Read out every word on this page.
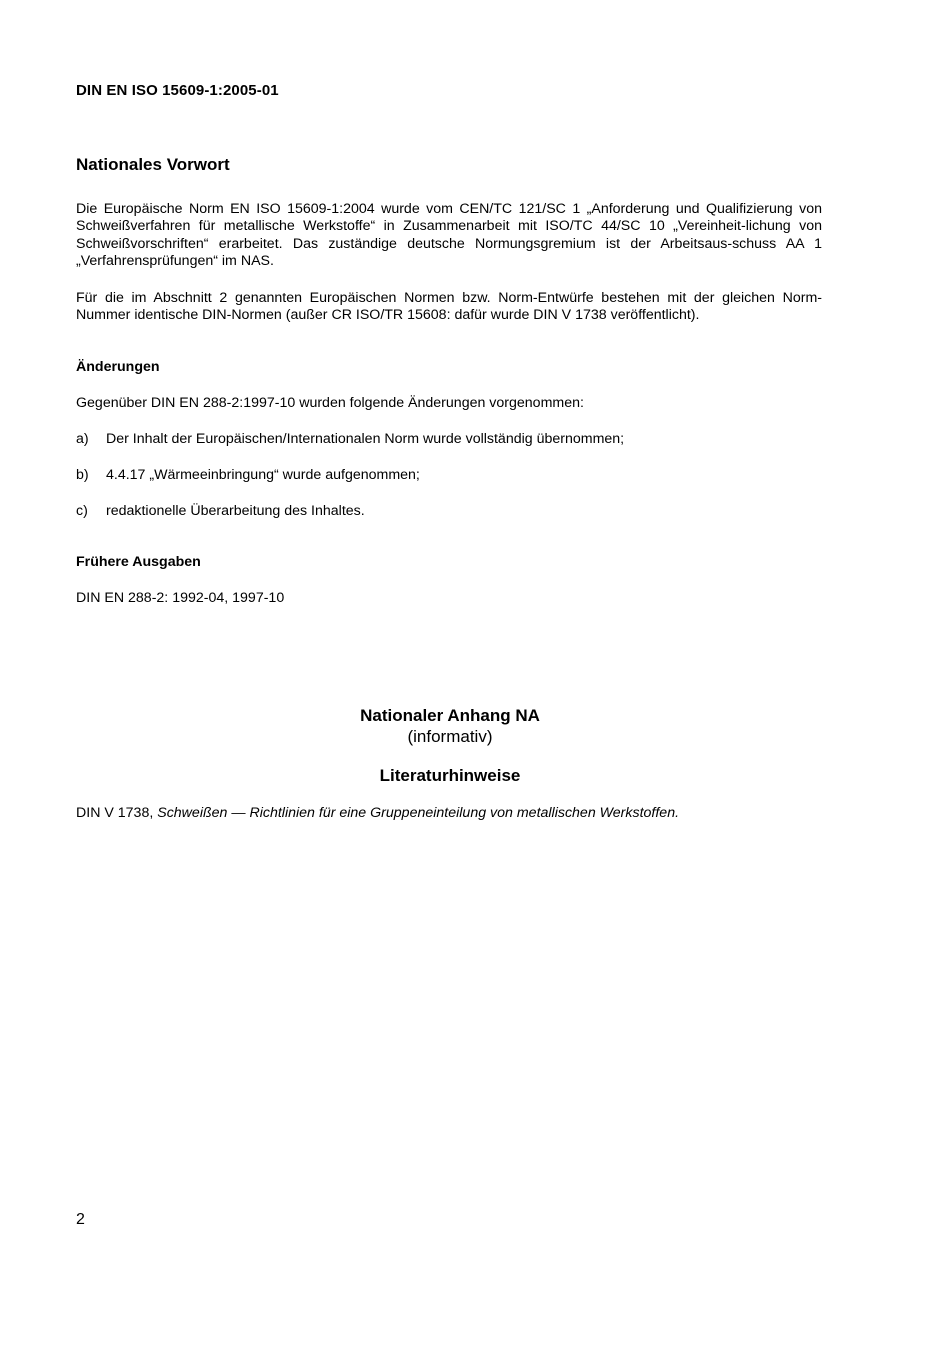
DIN EN ISO 15609-1:2005-01
Nationales Vorwort
Die Europäische Norm EN ISO 15609-1:2004 wurde vom CEN/TC 121/SC 1 „Anforderung und Qualifizierung von Schweißverfahren für metallische Werkstoffe“ in Zusammenarbeit mit ISO/TC 44/SC 10 „Vereinheit-lichung von Schweißvorschriften“ erarbeitet. Das zuständige deutsche Normungsgremium ist der Arbeitsaus-schuss AA 1 „Verfahrensprüfungen“ im NAS.
Für die im Abschnitt 2 genannten Europäischen Normen bzw. Norm-Entwürfe bestehen mit der gleichen Norm-Nummer identische DIN-Normen (außer CR ISO/TR 15608: dafür wurde DIN V 1738 veröffentlicht).
Änderungen
Gegenüber DIN EN 288-2:1997-10 wurden folgende Änderungen vorgenommen:
a) Der Inhalt der Europäischen/Internationalen Norm wurde vollständig übernommen;
b) 4.4.17 „Wärmeeinbringung“ wurde aufgenommen;
c) redaktionelle Überarbeitung des Inhaltes.
Frühere Ausgaben
DIN EN 288-2: 1992-04, 1997-10
Nationaler Anhang NA
(informativ)
Literaturhinweise
DIN V 1738, Schweißen — Richtlinien für eine Gruppeneinteilung von metallischen Werkstoffen.
2
